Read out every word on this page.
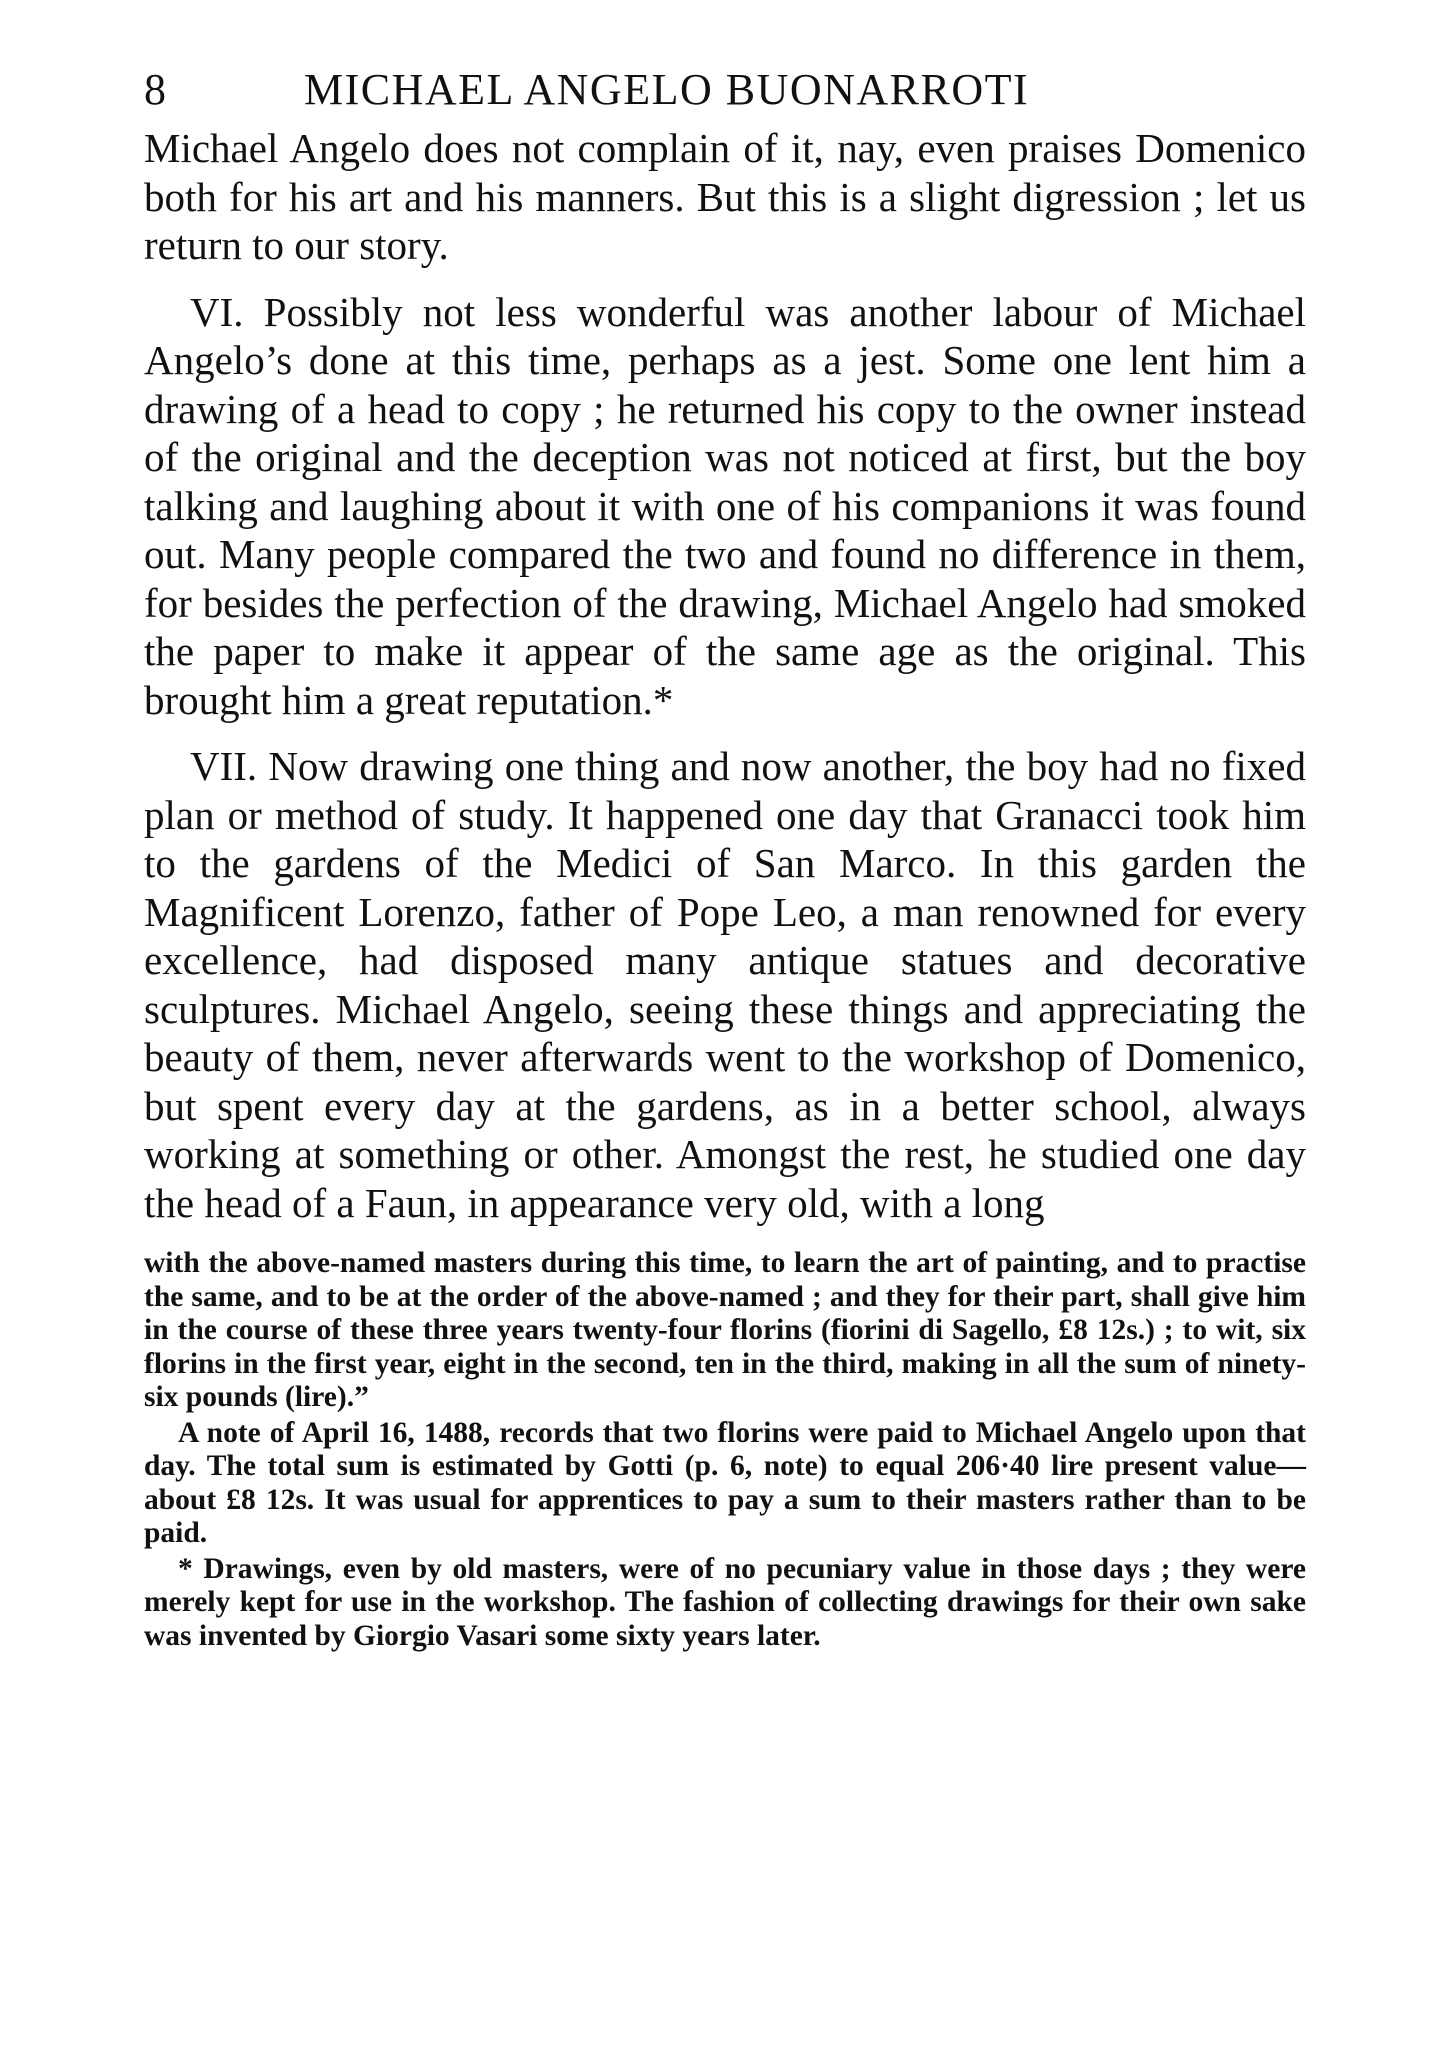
8	MICHAEL ANGELO BUONARROTI

Michael Angelo does not complain of it, nay, even praises Domenico both for his art and his manners. But this is a slight digression ; let us return to our story.

VI. Possibly not less wonderful was another labour of Michael Angelo’s done at this time, perhaps as a jest. Some one lent him a drawing of a head to copy ; he returned his copy to the owner instead of the original and the deception was not noticed at first, but the boy talking and laughing about it with one of his companions it was found out. Many people compared the two and found no difference in them, for besides the perfection of the drawing, Michael Angelo had smoked the paper to make it appear of the same age as the original. This brought him a great reputation.*

VII. Now drawing one thing and now another, the boy had no fixed plan or method of study. It happened one day that Granacci took him to the gardens of the Medici of San Marco. In this garden the Magnificent Lorenzo, father of Pope Leo, a man renowned for every excellence, had disposed many antique statues and decorative sculptures. Michael Angelo, seeing these things and appreciating the beauty of them, never afterwards went to the workshop of Domenico, but spent every day at the gardens, as in a better school, always working at something or other. Amongst the rest, he studied one day the head of a Faun, in appearance very old, with a long

with the above-named masters during this time, to learn the art of painting, and to practise the same, and to be at the order of the above-named ; and they for their part, shall give him in the course of these three years twenty-four florins (fiorini di Sagello, £8 12s.) ; to wit, six florins in the first year, eight in the second, ten in the third, making in all the sum of ninety-six pounds (lire).”

A note of April 16, 1488, records that two florins were paid to Michael Angelo upon that day. The total sum is estimated by Gotti (p. 6, note) to equal 206·40 lire present value—about £8 12s. It was usual for apprentices to pay a sum to their masters rather than to be paid.

* Drawings, even by old masters, were of no pecuniary value in those days ; they were merely kept for use in the workshop. The fashion of collecting drawings for their own sake was invented by Giorgio Vasari some sixty years later.
